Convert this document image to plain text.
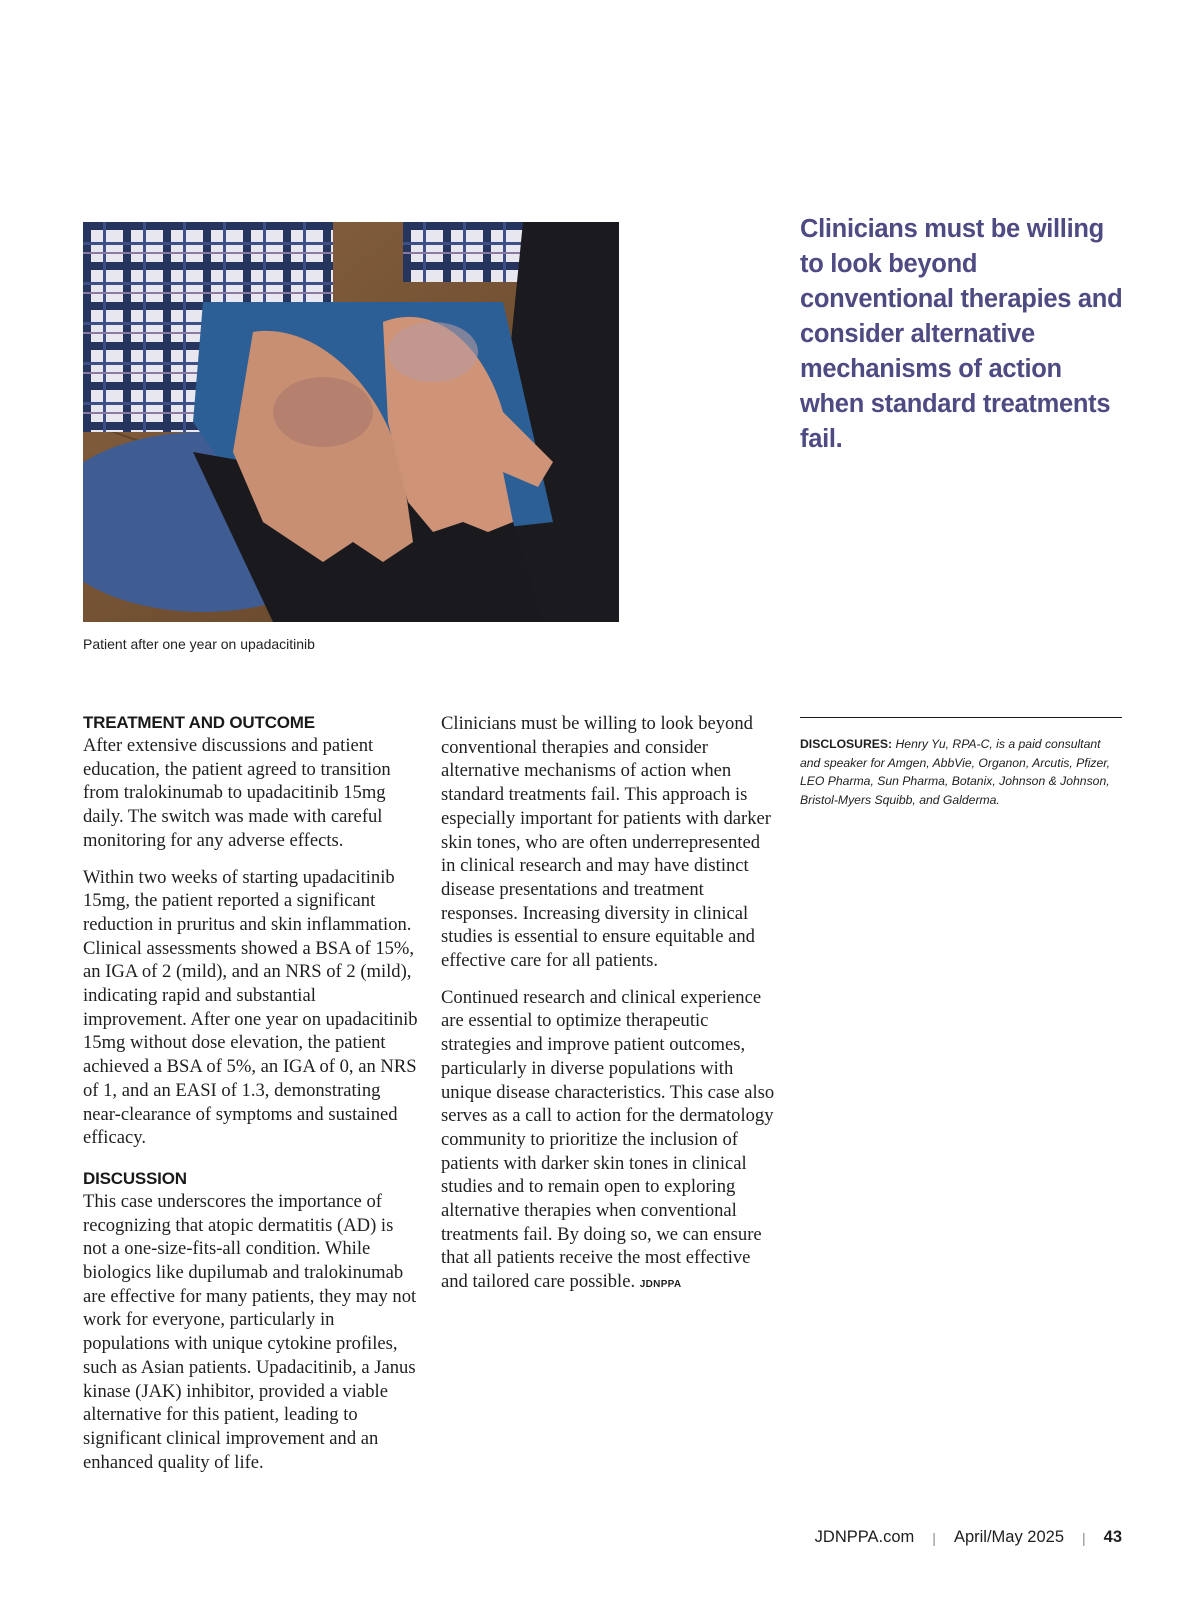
Patient after one year on upadacitinib
Clinicians must be willing to look beyond conventional therapies and consider alternative mechanisms of action when standard treatments fail.
TREATMENT AND OUTCOME

After extensive discussions and patient education, the patient agreed to transition from tralokinumab to upadacitinib 15mg daily. The switch was made with careful monitoring for any adverse effects.

Within two weeks of starting upadacitinib 15mg, the patient reported a significant reduction in pruritus and skin inflammation. Clinical assessments showed a BSA of 15%, an IGA of 2 (mild), and an NRS of 2 (mild), indicating rapid and substantial improvement. After one year on upadacitinib 15mg without dose elevation, the patient achieved a BSA of 5%, an IGA of 0, an NRS of 1, and an EASI of 1.3, demonstrating near-clearance of symptoms and sustained efficacy.

DISCUSSION

This case underscores the importance of recognizing that atopic dermatitis (AD) is not a one-size-fits-all condition. While biologics like dupilumab and tralokinumab are effective for many patients, they may not work for everyone, particularly in populations with unique cytokine profiles, such as Asian patients. Upadacitinib, a Janus kinase (JAK) inhibitor, provided a viable alternative for this patient, leading to significant clinical improvement and an enhanced quality of life.

Clinicians must be willing to look beyond conventional therapies and consider alternative mechanisms of action when standard treatments fail. This approach is especially important for patients with darker skin tones, who are often underrepresented in clinical research and may have distinct disease presentations and treatment responses. Increasing diversity in clinical studies is essential to ensure equitable and effective care for all patients.

Continued research and clinical experience are essential to optimize therapeutic strategies and improve patient outcomes, particularly in diverse populations with unique disease characteristics. This case also serves as a call to action for the dermatology community to prioritize the inclusion of patients with darker skin tones in clinical studies and to remain open to exploring alternative therapies when conventional treatments fail. By doing so, we can ensure that all patients receive the most effective and tailored care possible. JDNPPA

DISCLOSURES: Henry Yu, RPA-C, is a paid consultant and speaker for Amgen, AbbVie, Organon, Arcutis, Pfizer, LEO Pharma, Sun Pharma, Botanix, Johnson & Johnson, Bristol-Myers Squibb, and Galderma.
JDNPPA.com | April/May 2025 | 43
